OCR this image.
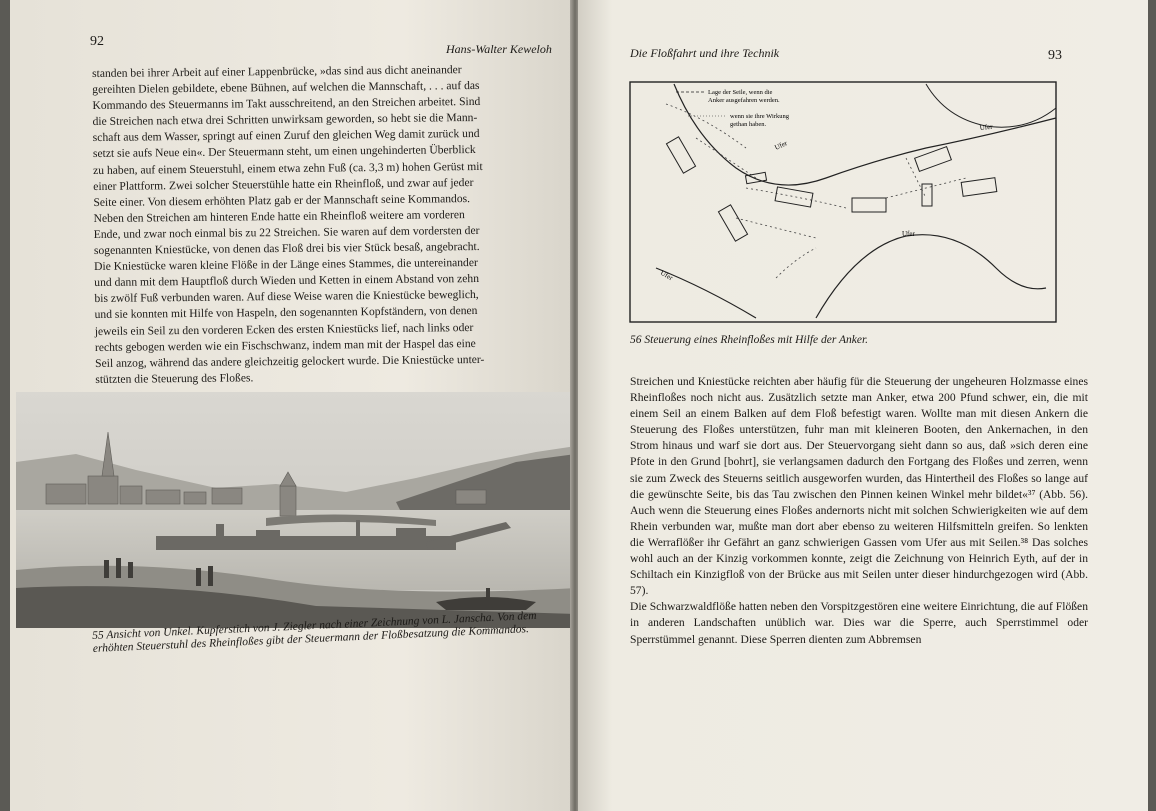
92	Hans-Walter Keweloh

standen bei ihrer Arbeit auf einer Lappenbrücke, »das sind aus dicht aneinander

gereihten Dielen gebildete, ebene Bühnen, auf welchen die Mannschaft, . . . auf das

Kommando des Steuermanns im Takt ausschreitend, an den Streichen arbeitet. Sind

die Streichen nach etwa drei Schritten unwirksam geworden, so hebt sie die Mann-

schaft aus dem Wasser, springt auf einen Zuruf den gleichen Weg damit zurück und

setzt sie aufs Neue ein«. Der Steuermann steht, um einen ungehinderten Überblick

zu haben, auf einem Steuerstuhl, einem etwa zehn Fuß (ca. 3,3 m) hohen Gerüst mit

einer Plattform. Zwei solcher Steuerstühle hatte ein Rheinfloß, und zwar auf jeder

Seite einer. Von diesem erhöhten Platz gab er der Mannschaft seine Kommandos.

Neben den Streichen am hinteren Ende hatte ein Rheinfloß weitere am vorderen

Ende, und zwar noch einmal bis zu 22 Streichen. Sie waren auf dem vordersten der

sogenannten Kniestücke, von denen das Floß drei bis vier Stück besaß, angebracht.

Die Kniestücke waren kleine Flöße in der Länge eines Stammes, die untereinander

und dann mit dem Hauptfloß durch Wieden und Ketten in einem Abstand von zehn

bis zwölf Fuß verbunden waren. Auf diese Weise waren die Kniestücke beweglich,

und sie konnten mit Hilfe von Haspeln, den sogenannten Kopfständern, von denen

jeweils ein Seil zu den vorderen Ecken des ersten Kniestücks lief, nach links oder

rechts gebogen werden wie ein Fischschwanz, indem man mit der Haspel das eine

Seil anzog, während das andere gleichzeitig gelockert wurde. Die Kniestücke unter-

stützten die Steuerung des Floßes.

55 Ansicht von Unkel. Kupferstich von J. Ziegler nach einer Zeichnung von L. Janscha. Von dem erhöhten Steuerstuhl des Rheinfloßes gibt der Steuermann der Floßbesatzung die Kommandos.
Die Floßfahrt und ihre Technik	93
Lage der Seile, wenn die
Anker ausgefahren werden.
wenn sie ihre Wirkung
gethan haben.
Ufer
Ufer
Ufer
Ufer
56 Steuerung eines Rheinfloßes mit Hilfe der Anker.

Streichen und Kniestücke reichten aber häufig für die Steuerung der ungeheuren Holzmasse eines Rheinfloßes noch nicht aus. Zusätzlich setzte man Anker, etwa 200 Pfund schwer, ein, die mit einem Seil an einem Balken auf dem Floß befestigt waren. Wollte man mit diesen Ankern die Steuerung des Floßes unterstützen, fuhr man mit kleineren Booten, den Ankernachen, in den Strom hinaus und warf sie dort aus. Der Steuervorgang sieht dann so aus, daß »sich deren eine Pfote in den Grund [bohrt], sie verlangsamen dadurch den Fortgang des Floßes und zerren, wenn sie zum Zweck des Steuerns seitlich ausgeworfen wurden, das Hintertheil des Floßes so lange auf die gewünschte Seite, bis das Tau zwischen den Pinnen keinen Winkel mehr bildet«³⁷ (Abb. 56). Auch wenn die Steuerung eines Floßes andernorts nicht mit solchen Schwierigkeiten wie auf dem Rhein verbunden war, mußte man dort aber ebenso zu weiteren Hilfsmitteln greifen. So lenkten die Werraflößer ihr Gefährt an ganz schwierigen Gassen vom Ufer aus mit Seilen.³⁸ Das solches wohl auch an der Kinzig vorkommen konnte, zeigt die Zeichnung von Heinrich Eyth, auf der in Schiltach ein Kinzigfloß von der Brücke aus mit Seilen unter dieser hindurchgezogen wird (Abb. 57).

Die Schwarzwaldflöße hatten neben den Vorspitzgestören eine weitere Einrichtung, die auf Flößen in anderen Landschaften unüblich war. Dies war die Sperre, auch Sperrstimmel oder Sperrstümmel genannt. Diese Sperren dienten zum Abbremsen
